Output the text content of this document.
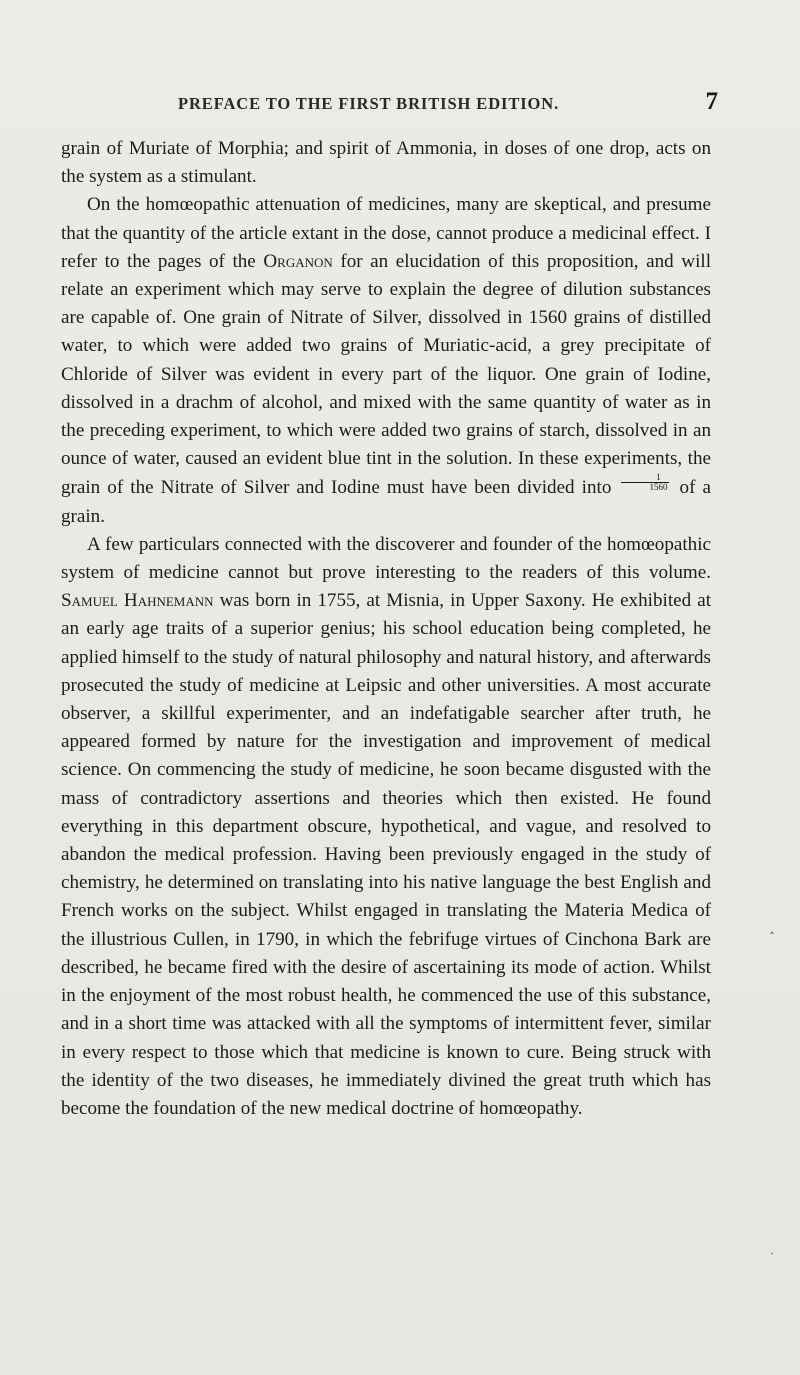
PREFACE TO THE FIRST BRITISH EDITION.	7

grain of Muriate of Morphia; and spirit of Ammonia, in doses of one drop, acts on the system as a stimulant.

On the homœopathic attenuation of medicines, many are skeptical, and presume that the quantity of the article extant in the dose, cannot produce a medicinal effect. I refer to the pages of the Organon for an elucidation of this proposition, and will relate an experiment which may serve to explain the degree of dilution substances are capable of. One grain of Nitrate of Silver, dissolved in 1560 grains of distilled water, to which were added two grains of Muriatic-acid, a grey precipitate of Chloride of Silver was evident in every part of the liquor. One grain of Iodine, dissolved in a drachm of alcohol, and mixed with the same quantity of water as in the preceding experiment, to which were added two grains of starch, dissolved in an ounce of water, caused an evident blue tint in the solution. In these experiments, the grain of the Nitrate of Silver and Iodine must have been divided into $\frac{1}{1560}$ of a grain.

A few particulars connected with the discoverer and founder of the homœopathic system of medicine cannot but prove interesting to the readers of this volume. Samuel Hahnemann was born in 1755, at Misnia, in Upper Saxony. He exhibited at an early age traits of a superior genius; his school education being completed, he applied himself to the study of natural philosophy and natural history, and afterwards prosecuted the study of medicine at Leipsic and other universities. A most accurate observer, a skillful experimenter, and an indefatigable searcher after truth, he appeared formed by nature for the investigation and improvement of medical science. On commencing the study of medicine, he soon became disgusted with the mass of contradictory assertions and theories which then existed. He found everything in this department obscure, hypothetical, and vague, and resolved to abandon the medical profession. Having been previously engaged in the study of chemistry, he determined on translating into his native language the best English and French works on the subject. Whilst engaged in translating the Materia Medica of the illustrious Cullen, in 1790, in which the febrifuge virtues of Cinchona Bark are described, he became fired with the desire of ascertaining its mode of action. Whilst in the enjoyment of the most robust health, he commenced the use of this substance, and in a short time was attacked with all the symptoms of intermittent fever, similar in every respect to those which that medicine is known to cure. Being struck with the identity of the two diseases, he immediately divined the great truth which has become the foundation of the new medical doctrine of homœopathy.

‸
·
